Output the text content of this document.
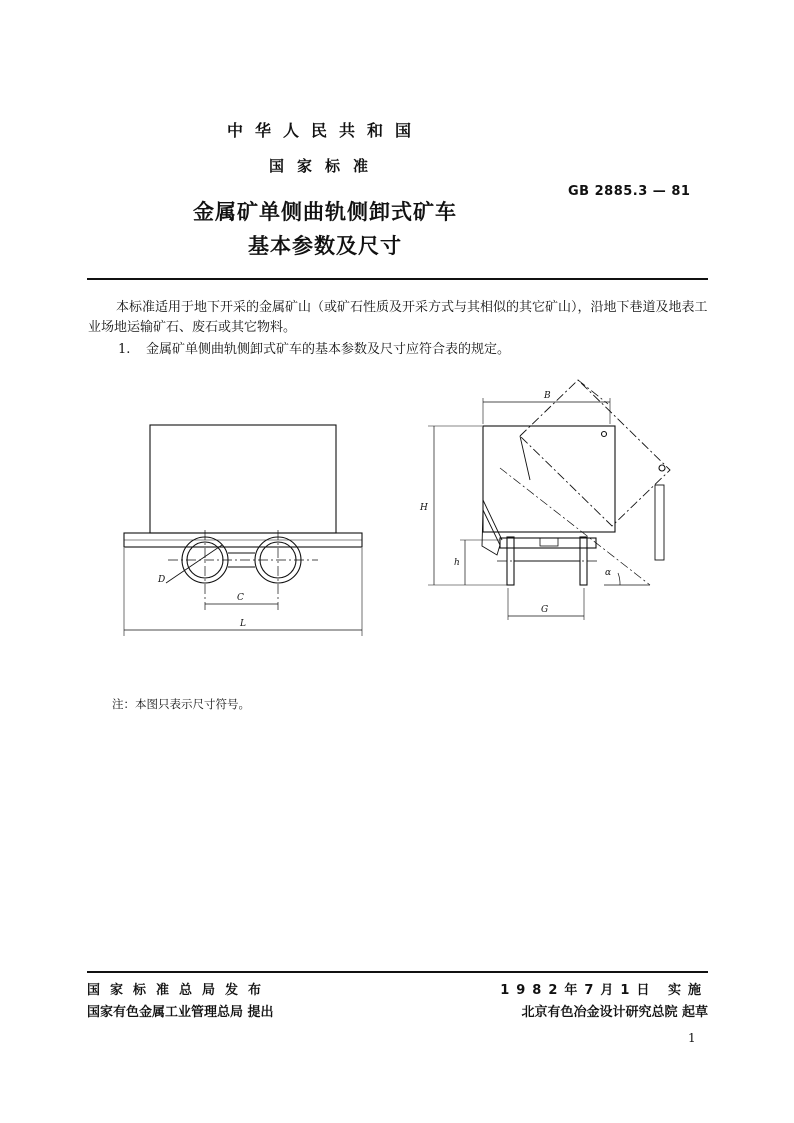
中华人民共和国
国家标准
金属矿单侧曲轨侧卸式矿车
基本参数及尺寸
GB 2885.3 — 81
本标准适用于地下开采的金属矿山（或矿石性质及开采方式与其相似的其它矿山），沿地下巷道及地表工业场地运输矿石、废石或其它物料。
1. 金属矿单侧曲轨侧卸式矿车的基本参数及尺寸应符合表的规定。
D
C
L
B
H
h
G
α
注：本图只表示尺寸符号。
国家标准总局发布
国家有色金属工业管理总局 提出
1982年7月1日 实施
北京有色冶金设计研究总院 起草
1
